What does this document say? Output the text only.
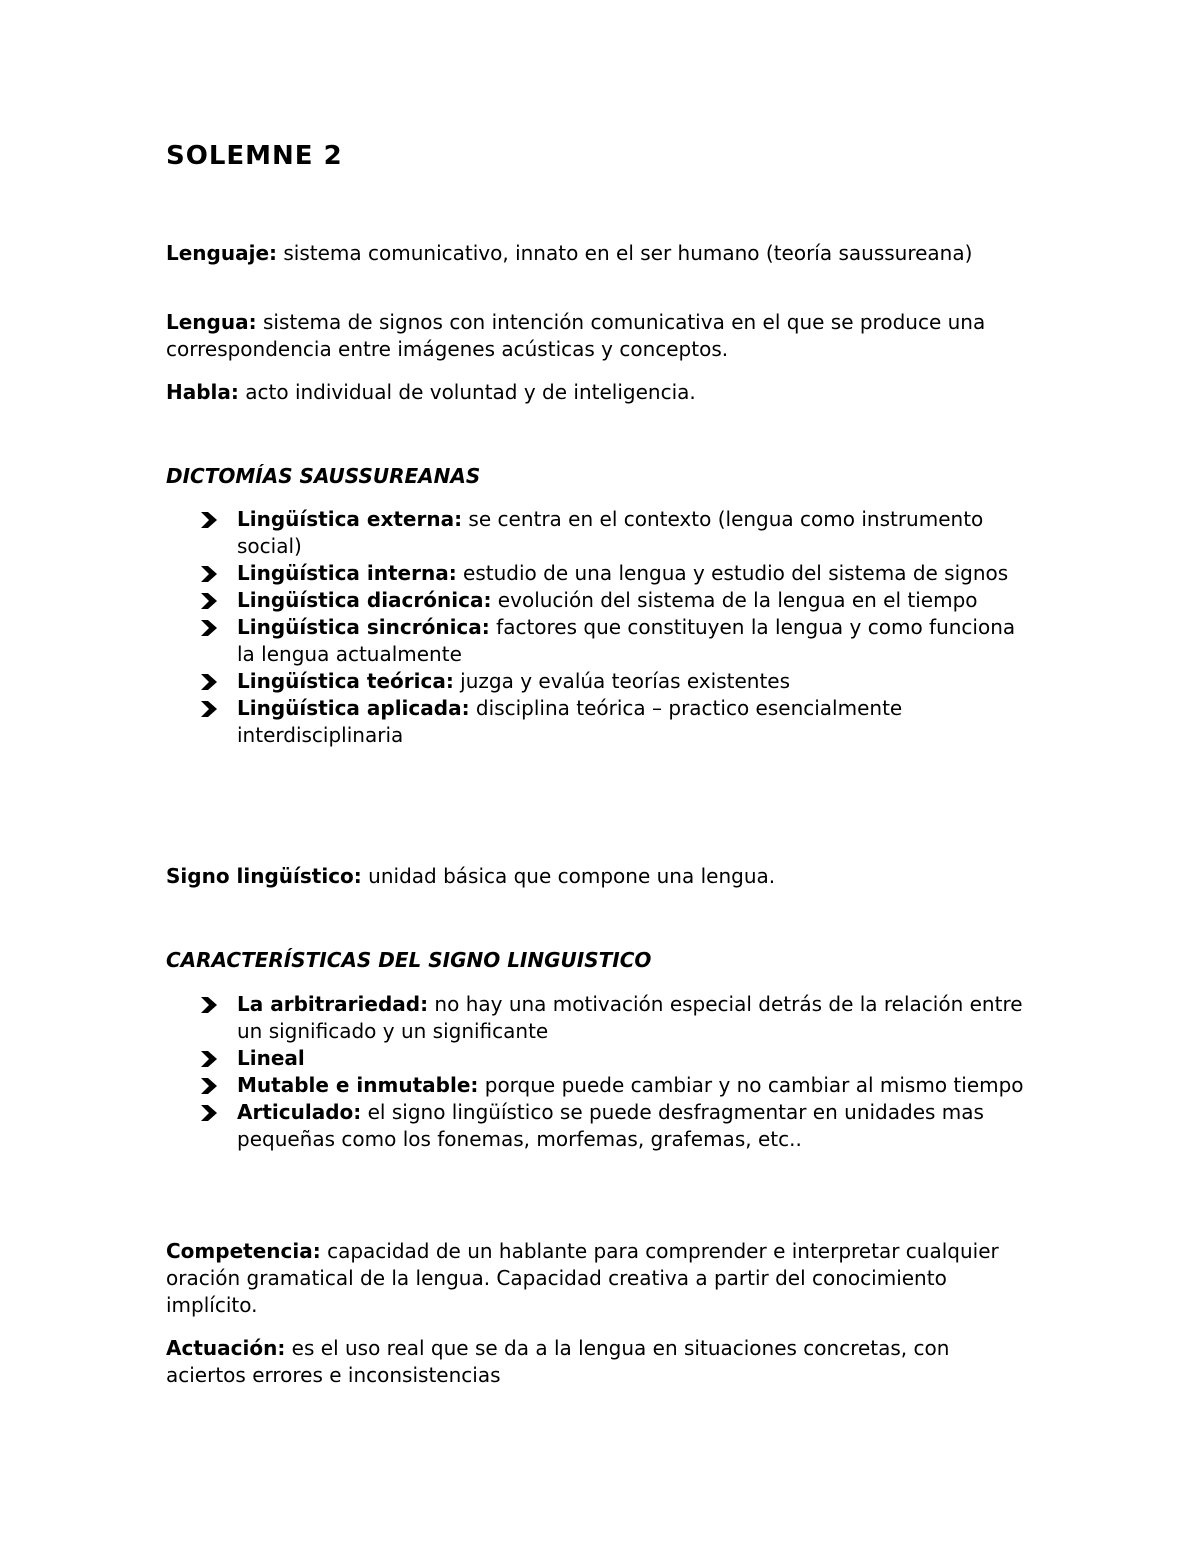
SOLEMNE 2

Lenguaje: sistema comunicativo, innato en el ser humano (teoría saussureana)

Lengua: sistema de signos con intención comunicativa en el que se produce una correspondencia entre imágenes acústicas y conceptos.

Habla: acto individual de voluntad y de inteligencia.

DICTOMÍAS SAUSSUREANAS
Lingüística externa: se centra en el contexto (lengua como instrumento social)
Lingüística interna: estudio de una lengua y estudio del sistema de signos
Lingüística diacrónica: evolución del sistema de la lengua en el tiempo
Lingüística sincrónica: factores que constituyen la lengua y como funciona la lengua actualmente
Lingüística teórica: juzga y evalúa teorías existentes
Lingüística aplicada: disciplina teórica – practico esencialmente interdisciplinaria

Signo lingüístico: unidad básica que compone una lengua.

CARACTERÍSTICAS DEL SIGNO LINGUISTICO
La arbitrariedad: no hay una motivación especial detrás de la relación entre un significado y un significante
Lineal
Mutable e inmutable: porque puede cambiar y no cambiar al mismo tiempo
Articulado: el signo lingüístico se puede desfragmentar en unidades mas pequeñas como los fonemas, morfemas, grafemas, etc..

Competencia: capacidad de un hablante para comprender e interpretar cualquier oración gramatical de la lengua. Capacidad creativa a partir del conocimiento implícito.

Actuación: es el uso real que se da a la lengua en situaciones concretas, con aciertos errores e inconsistencias
